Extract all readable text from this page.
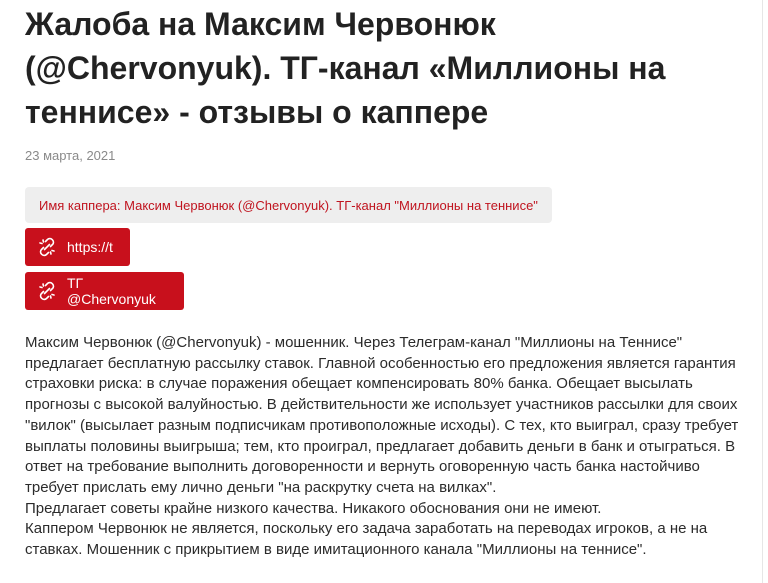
Жалоба на Максим Червонюк (@Chervonyuk). ТГ-канал «Миллионы на теннисе» - отзывы о каппере
23 марта, 2021
Имя каппера: Максим Червонюк (@Chervonyuk). ТГ-канал "Миллионы на теннисе"
https://t
ТГ @Chervonyuk

Максим Червонюк (@Chervonyuk) - мошенник. Через Телеграм-канал "Миллионы на Теннисе" предлагает бесплатную рассылку ставок. Главной особенностью его предложения является гарантия страховки риска: в случае поражения обещает компенсировать 80% банка. Обещает высылать прогнозы с высокой валуйностью. В действительности же использует участников рассылки для своих "вилок" (высылает разным подписчикам противоположные исходы). С тех, кто выиграл, сразу требует выплаты половины выигрыша; тем, кто проиграл, предлагает добавить деньги в банк и отыграться. В ответ на требование выполнить договоренности и вернуть оговоренную часть банка настойчиво требует прислать ему лично деньги "на раскрутку счета на вилках".

Предлагает советы крайне низкого качества. Никакого обоснования они не имеют.

Каппером Червонюк не является, поскольку его задача заработать на переводах игроков, а не на ставках. Мошенник с прикрытием в виде имитационного канала "Миллионы на теннисе".
